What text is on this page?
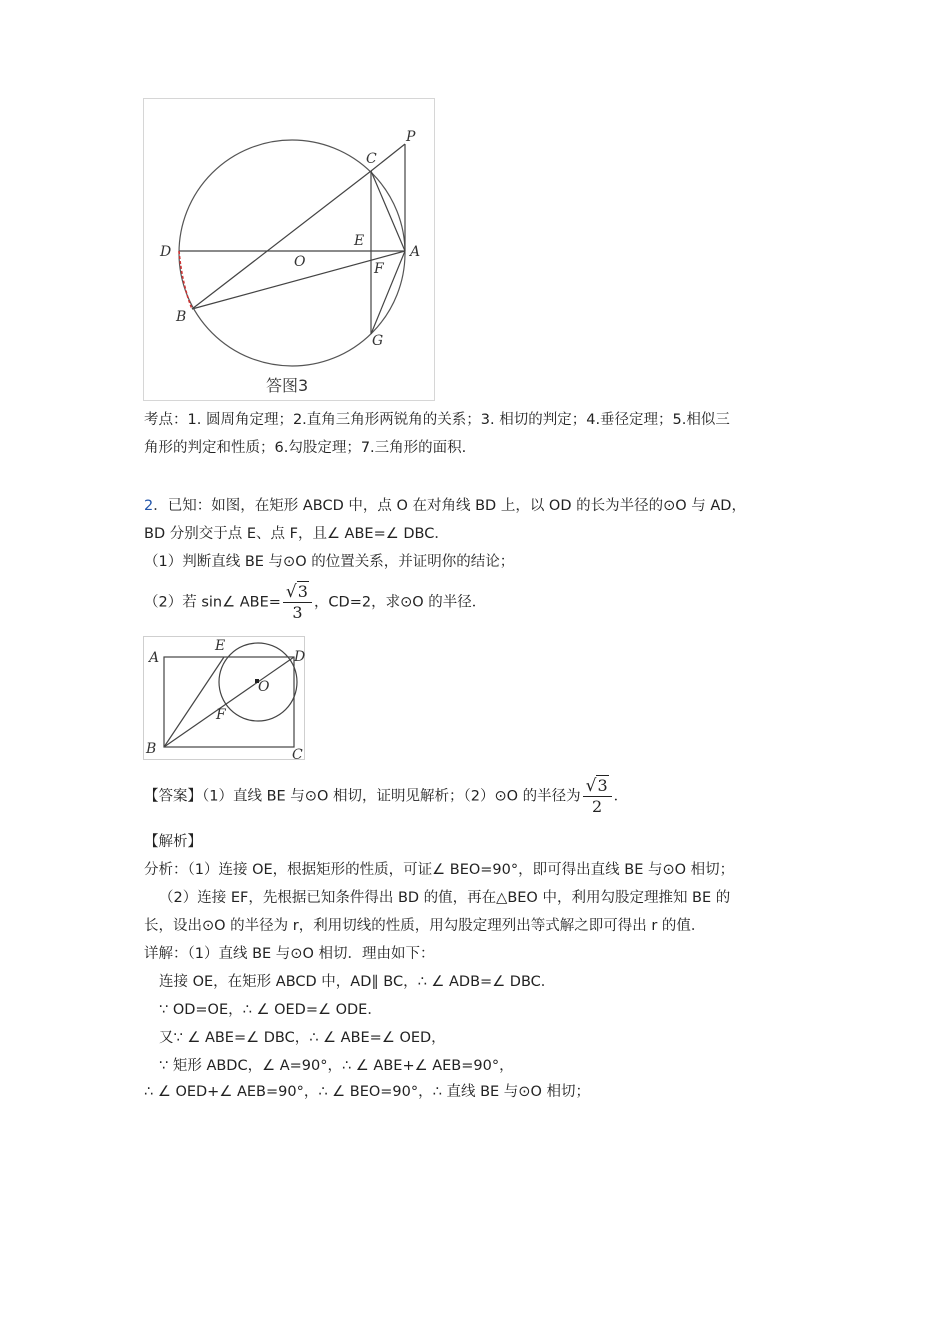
P
C
D
E
O
A
F
B
G
答图3
考点：1. 圆周角定理；2.直角三角形两锐角的关系；3. 相切的判定；4.垂径定理；5.相似三
角形的判定和性质；6.勾股定理；7.三角形的面积.
2．已知：如图，在矩形 ABCD 中，点 O 在对角线 BD 上，以 OD 的长为半径的⊙O 与 AD，
BD 分别交于点 E、点 F，且∠ ABE=∠ DBC．
（1）判断直线 BE 与⊙O 的位置关系，并证明你的结论；
（2）若 sin∠ $ABE= \frac{√3}{3}$ ，CD=2，求⊙O 的半径．
A
E
D
O
F
B	C
【答案】（1）直线 BE 与⊙O 相切，证明见解析；（2）⊙O 的半径为 $\frac{√3}{2}$ ．
【解析】
分析：（1）连接 OE，根据矩形的性质，可证∠ BEO=90°，即可得出直线 BE 与⊙O 相切；
（2）连接 EF，先根据已知条件得出 BD 的值，再在△BEO 中，利用勾股定理推知 BE 的
长，设出⊙O 的半径为 r，利用切线的性质，用勾股定理列出等式解之即可得出 r 的值．
详解：（1）直线 BE 与⊙O 相切．理由如下：
连接 OE，在矩形 ABCD 中，AD∥ BC，∴ ∠ ADB=∠ DBC．
∵ OD=OE，∴ ∠ OED=∠ ODE．
又∵ ∠ ABE=∠ DBC，∴ ∠ ABE=∠ OED，
∵ 矩形 ABDC，∠ A=90°，∴ ∠ ABE+∠ AEB=90°，
∴ ∠ OED+∠ AEB=90°，∴ ∠ BEO=90°，∴ 直线 BE 与⊙O 相切；
